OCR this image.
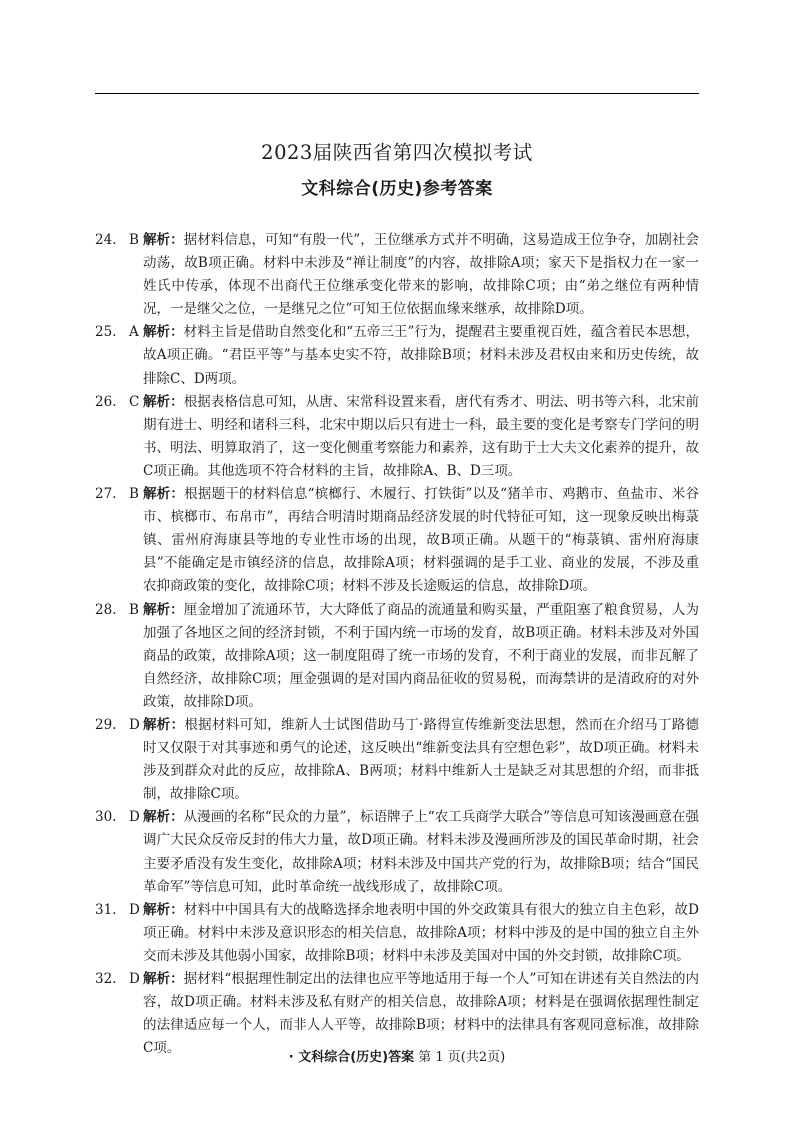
2023届陕西省第四次模拟考试
文科综合(历史)参考答案
24. B 解析：据材料信息，可知“有殷一代”，王位继承方式并不明确，这易造成王位争夺，加剧社会动荡，故B项正确。材料中未涉及“禅让制度”的内容，故排除A项；家天下是指权力在一家一姓氏中传承，体现不出商代王位继承变化带来的影响，故排除C项；由“弟之继位有两种情况，一是继父之位，一是继兄之位”可知王位依据血缘来继承，故排除D项。
25. A 解析：材料主旨是借助自然变化和“五帝三王”行为，提醒君主要重视百姓，蕴含着民本思想，故A项正确。“君臣平等”与基本史实不符，故排除B项；材料未涉及君权由来和历史传统，故排除C、D两项。
26. C 解析：根据表格信息可知，从唐、宋常科设置来看，唐代有秀才、明法、明书等六科，北宋前期有进士、明经和诸科三科，北宋中期以后只有进士一科，最主要的变化是考察专门学问的明书、明法、明算取消了，这一变化侧重考察能力和素养，这有助于士大夫文化素养的提升，故C项正确。其他选项不符合材料的主旨，故排除A、B、D三项。
27. B 解析：根据题干的材料信息“槟榔行、木履行、打铁街”以及“猪羊市、鸡鹅市、鱼盐市、米谷市、槟榔市、布帛市”，再结合明清时期商品经济发展的时代特征可知，这一现象反映出梅菉镇、雷州府海康县等地的专业性市场的出现，故B项正确。从题干的“梅菉镇、雷州府海康县”不能确定是市镇经济的信息，故排除A项；材料强调的是手工业、商业的发展，不涉及重农抑商政策的变化，故排除C项；材料不涉及长途贩运的信息，故排除D项。
28. B 解析：厘金增加了流通环节，大大降低了商品的流通量和购买量，严重阻塞了粮食贸易，人为加强了各地区之间的经济封锁，不利于国内统一市场的发育，故B项正确。材料未涉及对外国商品的政策，故排除A项；这一制度阻碍了统一市场的发育，不利于商业的发展，而非瓦解了自然经济，故排除C项；厘金强调的是对国内商品征收的贸易税，而海禁讲的是清政府的对外政策，故排除D项。
29. D 解析：根据材料可知，维新人士试图借助马丁·路得宣传维新变法思想，然而在介绍马丁路德时又仅限于对其事迹和勇气的论述，这反映出“维新变法具有空想色彩”，故D项正确。材料未涉及到群众对此的反应，故排除A、B两项；材料中维新人士是缺乏对其思想的介绍，而非抵制，故排除C项。
30. D 解析：从漫画的名称“民众的力量”，标语牌子上“农工兵商学大联合”等信息可知该漫画意在强调广大民众反帝反封的伟大力量，故D项正确。材料未涉及漫画所涉及的国民革命时期，社会主要矛盾没有发生变化，故排除A项；材料未涉及中国共产党的行为，故排除B项；结合“国民革命军”等信息可知，此时革命统一战线形成了，故排除C项。
31. D 解析：材料中中国具有大的战略选择余地表明中国的外交政策具有很大的独立自主色彩，故D项正确。材料中未涉及意识形态的相关信息，故排除A项；材料中涉及的是中国的独立自主外交而未涉及其他弱小国家，故排除B项；材料中未涉及美国对中国的外交封锁，故排除C项。
32. D 解析：据材料“根据理性制定出的法律也应平等地适用于每一个人”可知在讲述有关自然法的内容，故D项正确。材料未涉及私有财产的相关信息，故排除A项；材料是在强调依据理性制定的法律适应每一个人，而非人人平等，故排除B项；材料中的法律具有客观同意标准，故排除C项。
· 文科综合(历史)答案 第 1 页(共2页)
